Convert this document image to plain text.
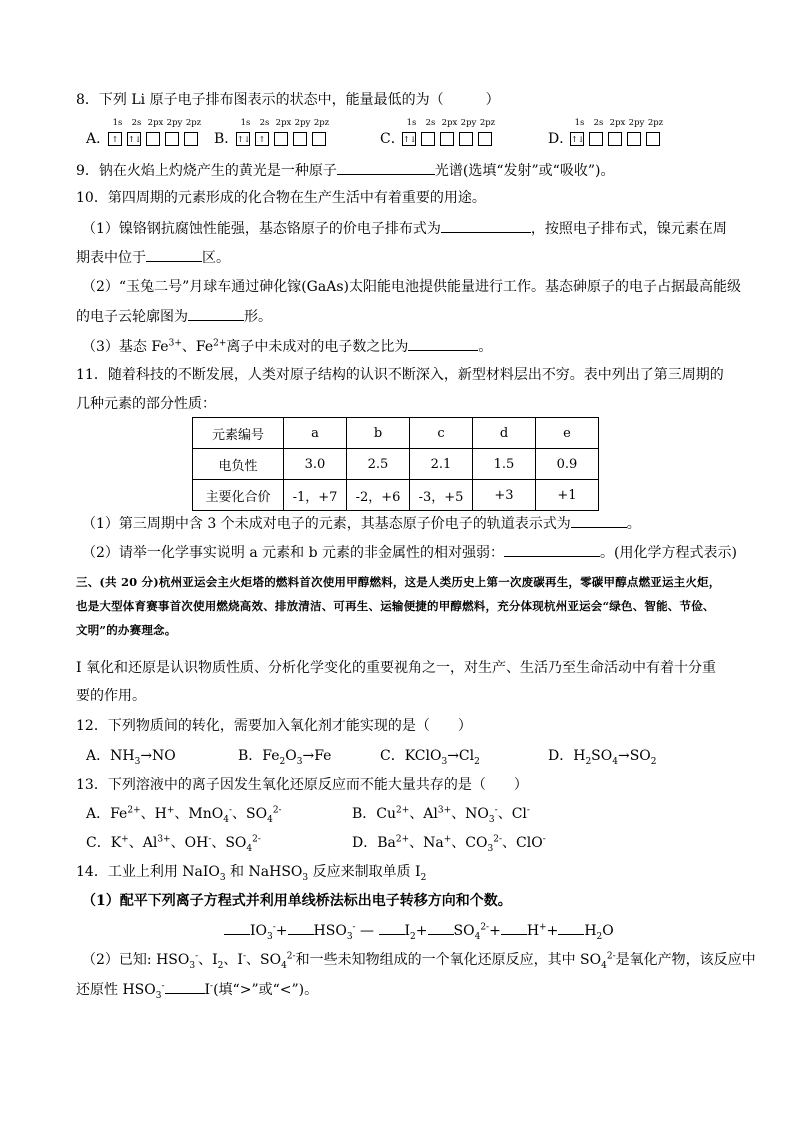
8．下列 Li 原子电子排布图表示的状态中，能量最低的为（　　　）
A．
1s 2s 2px 2py 2pz
↑ ↑↓	B．
1s 2s 2px 2py 2pz
↑↓ ↑	C．
1s 2s 2px 2py 2pz
↑↓	D．
1s 2s 2px 2py 2pz
↑↓
9．钠在火焰上灼烧产生的黄光是一种原子	光谱(选填“发射”或“吸收”)。
10．第四周期的元素形成的化合物在生产生活中有着重要的用途。
（1）镍铬钢抗腐蚀性能强，基态铬原子的价电子排布式为	，按照电子排布式，镍元素在周
期表中位于	区。
（2）“玉兔二号”月球车通过砷化镓(GaAs)太阳能电池提供能量进行工作。基态砷原子的电子占据最高能级
的电子云轮廓图为	形。
（3）基态 $Fe^{3+}$、$Fe^{2+}$离子中未成对的电子数之比为	。
11．随着科技的不断发展，人类对原子结构的认识不断深入，新型材料层出不穷。表中列出了第三周期的
几种元素的部分性质：
元素编号	a	b	c	d	e
电负性	3.0	2.5	2.1	1.5	0.9
主要化合价	-1，+7	-2，+6	-3，+5	+3	+1
（1）第三周期中含 3 个未成对电子的元素，其基态原子价电子的轨道表示式为	。
（2）请举一化学事实说明 a 元素和 b 元素的非金属性的相对强弱：	。(用化学方程式表示)
三、(共 20 分)杭州亚运会主火炬塔的燃料首次使用甲醇燃料，这是人类历史上第一次废碳再生，零碳甲醇点燃亚运主火炬，也是大型体育赛事首次使用燃烧高效、排放清洁、可再生、运输便捷的甲醇燃料，充分体现杭州亚运会“绿色、智能、节俭、文明”的办赛理念。
Ⅰ 氧化和还原是认识物质性质、分析化学变化的重要视角之一，对生产、生活乃至生命活动中有着十分重要的作用。
12．下列物质间的转化，需要加入氧化剂才能实现的是（　　）
A．$NH_3\to NO$	B．$Fe_2O_3\to Fe$	C．$KClO_3\to Cl_2$	D．$H_2SO_4\to SO_2$
13．下列溶液中的离子因发生氧化还原反应而不能大量共存的是（　　）
A．$Fe^{2+}$、H+、MnO$_4$-、$SO_4^{2-}$	B．$Cu^{2+}$、$Al^{3+}$、$NO_3^-$、Cl-
C．K+、$Al^{3+}$、OH-、$SO_4^{2-}$	D．$Ba^{2+}$、Na+、$CO_3^{2-}$、ClO-
14．工业上利用 NaIO$_3$ 和 NaHSO$_3$ 反应来制取单质 $I_2$
（1）配平下列离子方程式并利用单线桥法标出电子转移方向和个数。
$IO_3^-+ HSO_3^-$ — $I_2+ SO_4^{2-}+ H^++ H_2O$
（2）已知: $HSO_3^-$、$I_2$、I-、$SO_4^{2-}$和一些未知物组成的一个氧化还原反应，其中 $SO_4^{2-}$是氧化产物，该反应中
还原性 $HSO_3^-$	I-(填“>”或“<”)。
